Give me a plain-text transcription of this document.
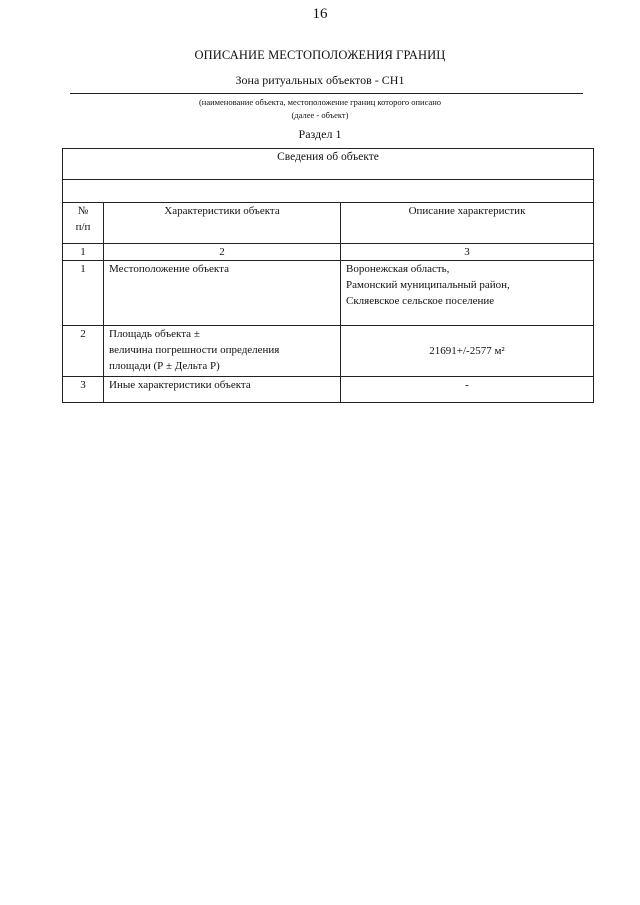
16
ОПИСАНИЕ МЕСТОПОЛОЖЕНИЯ ГРАНИЦ
Зона ритуальных объектов - СН1
(наименование объекта, местоположение границ которого описано
(далее - объект)
Раздел 1
Сведения об объекте		

№
п/п	Характеристики объекта	Описание характеристик
1	2	3
1	Местоположение объекта	Воронежская область,
Рамонский муниципальный район,
Скляевское сельское поселение

2	Площадь объекта ±
величина погрешности определения
площади (Р ± Дельта Р)	21691+/-2577 м²

3	Иные характеристики объекта	-
